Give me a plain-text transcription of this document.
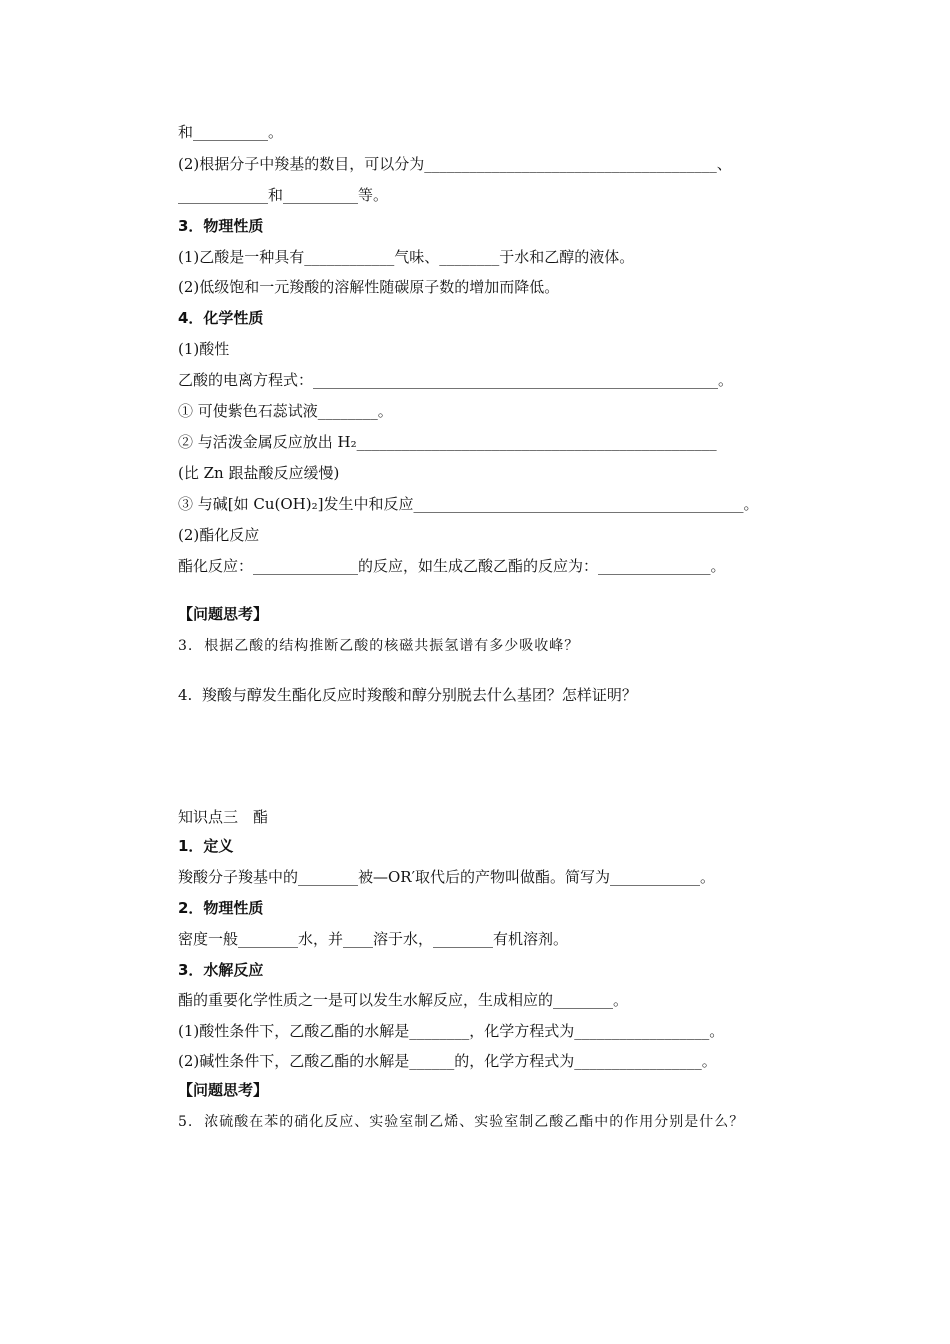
和__________。
(2)根据分子中羧基的数目，可以分为_______________________________________、
____________和__________等。
3．物理性质
(1)乙酸是一种具有____________气味、________于水和乙醇的液体。
(2)低级饱和一元羧酸的溶解性随碳原子数的增加而降低。
4．化学性质
(1)酸性
乙酸的电离方程式：______________________________________________________。
① 可使紫色石蕊试液________。
② 与活泼金属反应放出 H₂________________________________________________
(比 Zn 跟盐酸反应缓慢)
③ 与碱[如 Cu(OH)₂]发生中和反应____________________________________________。
(2)酯化反应
酯化反应：______________的反应，如生成乙酸乙酯的反应为：_______________。
【问题思考】
3.  根据乙酸的结构推断乙酸的核磁共振氢谱有多少吸收峰？
4.  羧酸与醇发生酯化反应时羧酸和醇分别脱去什么基团？怎样证明？
知识点三　酯
1．定义
羧酸分子羧基中的________被—OR′取代后的产物叫做酯。简写为____________。
2．物理性质
密度一般________水，并____溶于水，________有机溶剂。
3．水解反应
酯的重要化学性质之一是可以发生水解反应，生成相应的________。
(1)酸性条件下，乙酸乙酯的水解是________，化学方程式为__________________。
(2)碱性条件下，乙酸乙酯的水解是______的，化学方程式为_________________。
【问题思考】
5.  浓硫酸在苯的硝化反应、实验室制乙烯、实验室制乙酸乙酯中的作用分别是什么？
